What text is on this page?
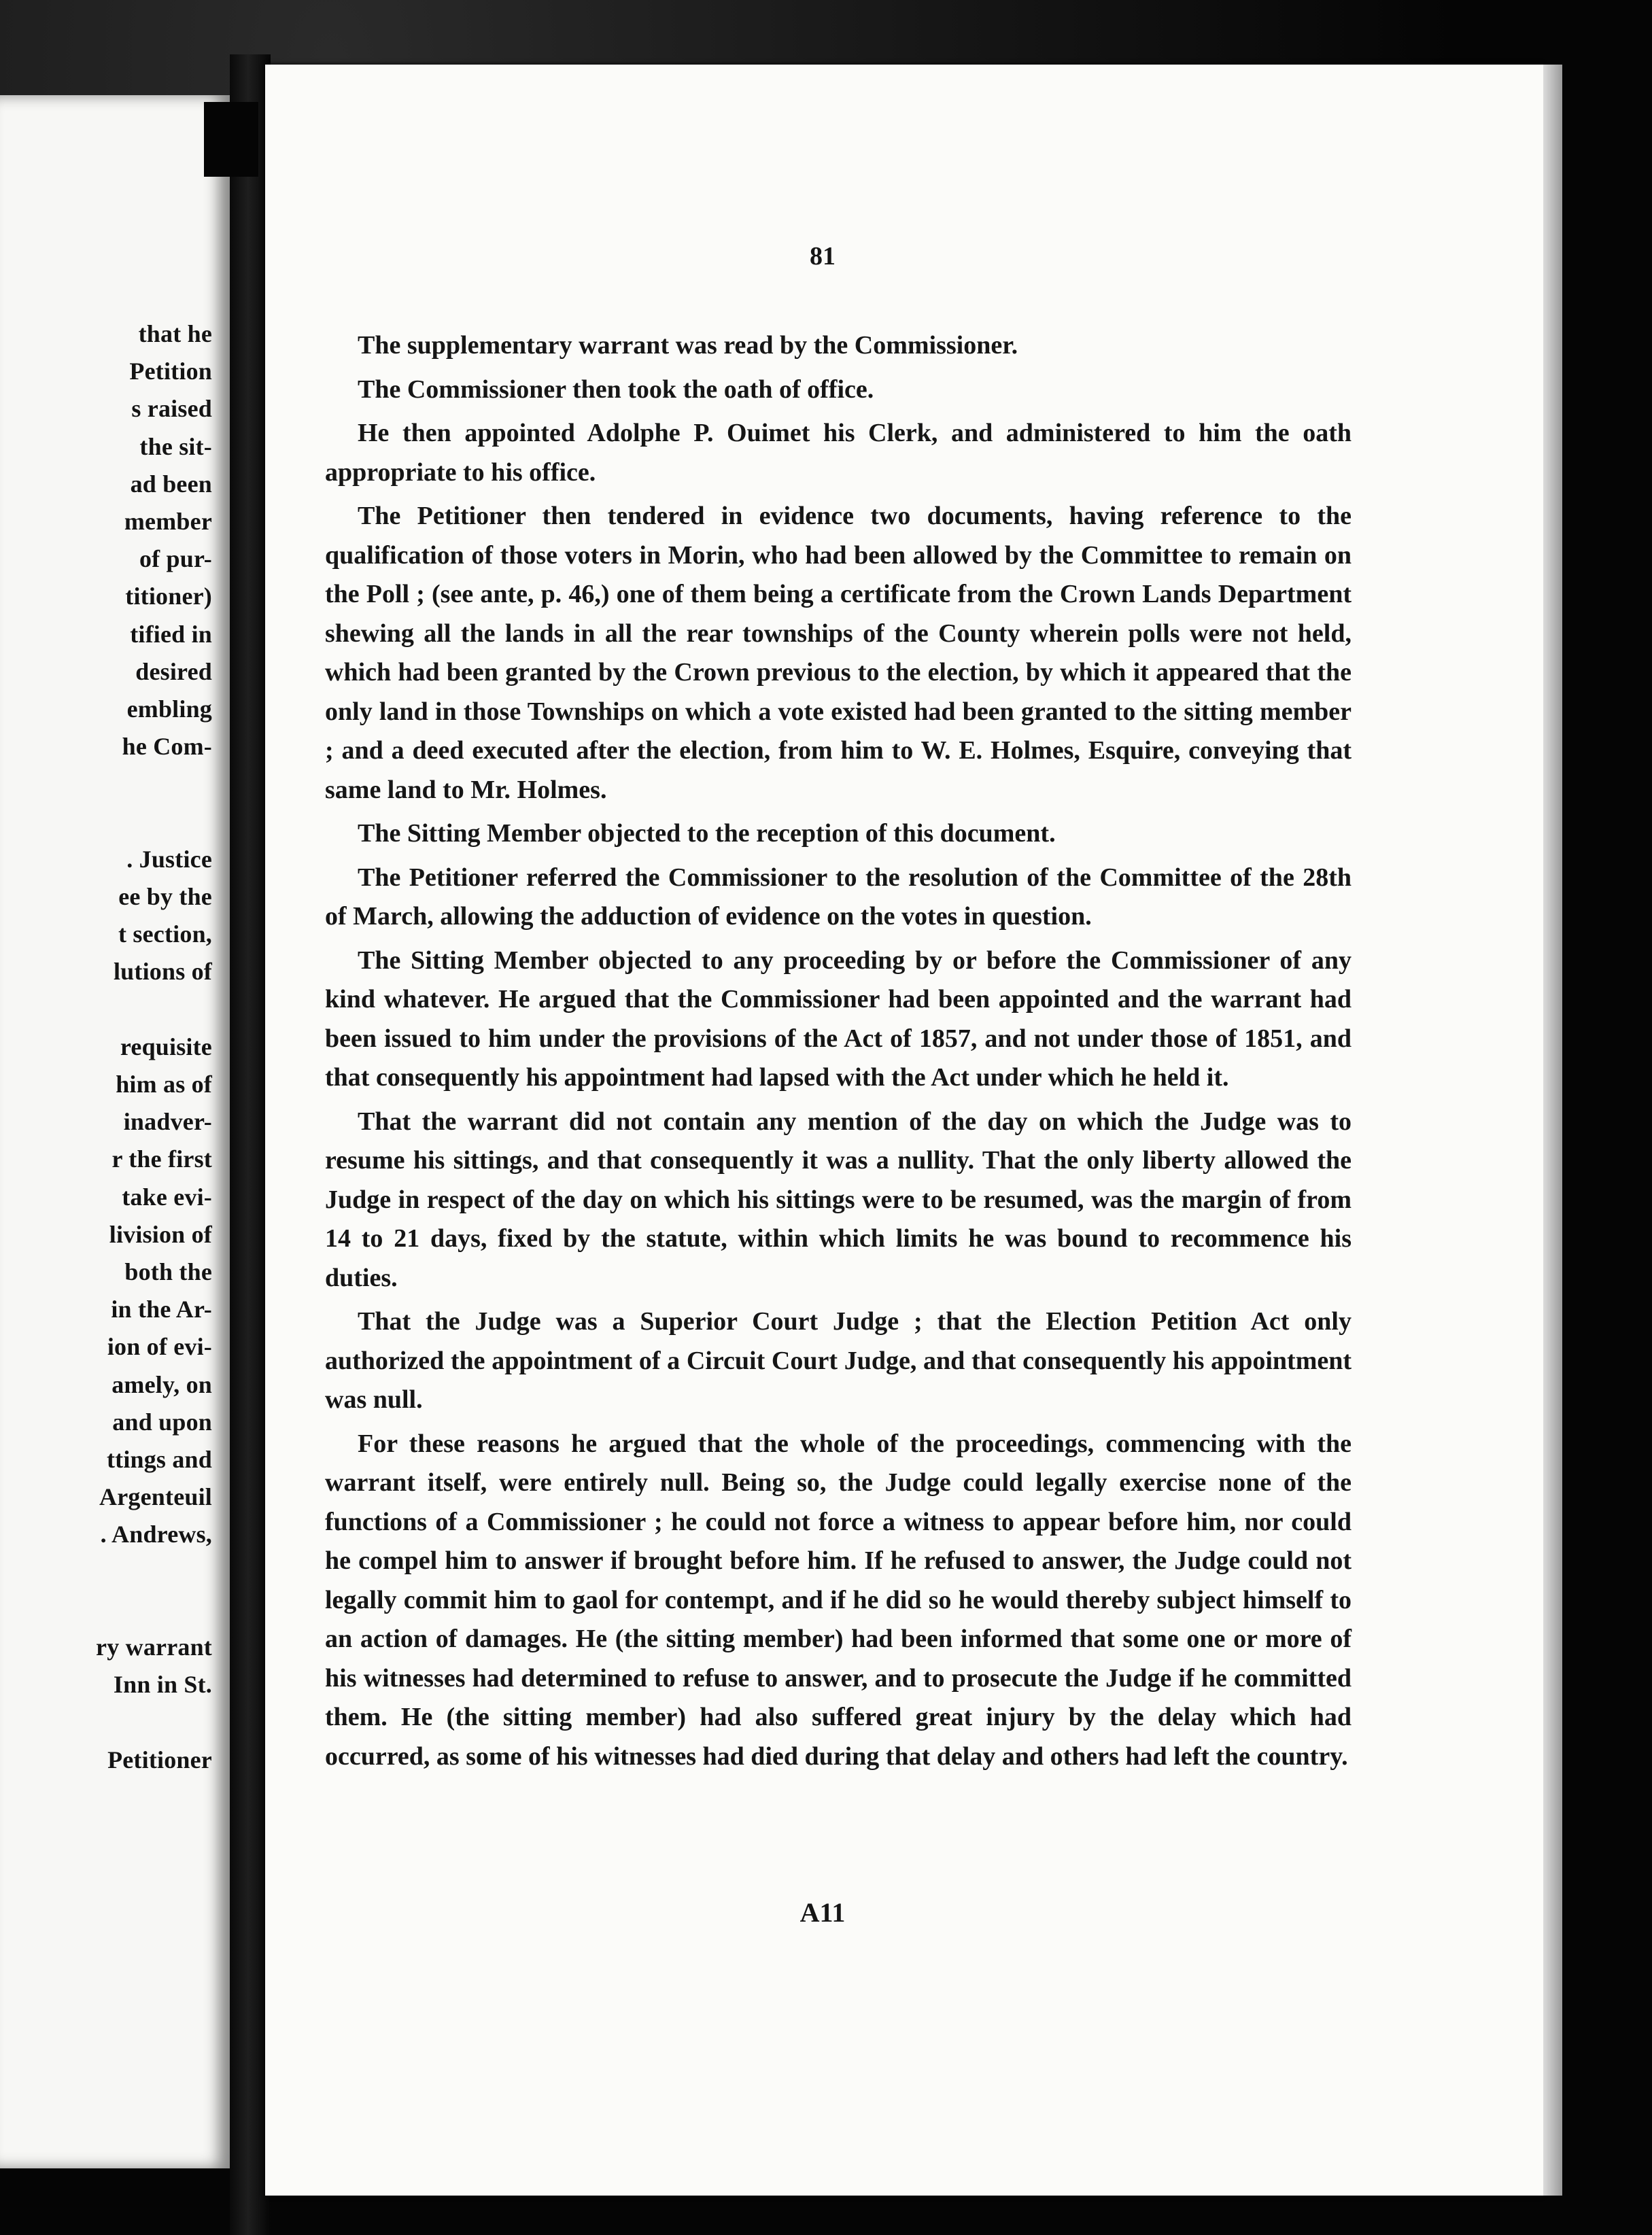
that he
Petition
s raised
the sit-
ad been
member
of pur-
titioner)
tified in
desired
embling
he Com-
. Justice
ee by the
t section,
lutions of
requisite
him as of
inadver-
r the first
take evi-
livision of
both the
in the Ar-
ion of evi-
amely, on
and upon
ttings and
Argenteuil
. Andrews,
ry warrant
Inn in St.
Petitioner
81

The supplementary warrant was read by the Commissioner.

The Commissioner then took the oath of office.

He then appointed Adolphe P. Ouimet his Clerk, and administered to him the oath appropriate to his office.

The Petitioner then tendered in evidence two documents, having reference to the qualification of those voters in Morin, who had been allowed by the Committee to remain on the Poll ; (see ante, p. 46,) one of them being a certificate from the Crown Lands Department shewing all the lands in all the rear townships of the County wherein polls were not held, which had been granted by the Crown previous to the election, by which it appeared that the only land in those Townships on which a vote existed had been granted to the sitting member ; and a deed executed after the election, from him to W. E. Holmes, Esquire, conveying that same land to Mr. Holmes.

The Sitting Member objected to the reception of this document.

The Petitioner referred the Commissioner to the resolution of the Committee of the 28th of March, allowing the adduction of evidence on the votes in question.

The Sitting Member objected to any proceeding by or before the Commissioner of any kind whatever. He argued that the Commissioner had been appointed and the warrant had been issued to him under the provisions of the Act of 1857, and not under those of 1851, and that consequently his appointment had lapsed with the Act under which he held it.

That the warrant did not contain any mention of the day on which the Judge was to resume his sittings, and that consequently it was a nullity. That the only liberty allowed the Judge in respect of the day on which his sittings were to be resumed, was the margin of from 14 to 21 days, fixed by the statute, within which limits he was bound to recommence his duties.

That the Judge was a Superior Court Judge ; that the Election Petition Act only authorized the appointment of a Circuit Court Judge, and that consequently his appointment was null.

For these reasons he argued that the whole of the proceedings, commencing with the warrant itself, were entirely null. Being so, the Judge could legally exercise none of the functions of a Commissioner ; he could not force a witness to appear before him, nor could he compel him to answer if brought before him. If he refused to answer, the Judge could not legally commit him to gaol for contempt, and if he did so he would thereby subject himself to an action of damages. He (the sitting member) had been informed that some one or more of his witnesses had determined to refuse to answer, and to prosecute the Judge if he committed them. He (the sitting member) had also suffered great injury by the delay which had occurred, as some of his witnesses had died during that delay and others had left the country.

A11
